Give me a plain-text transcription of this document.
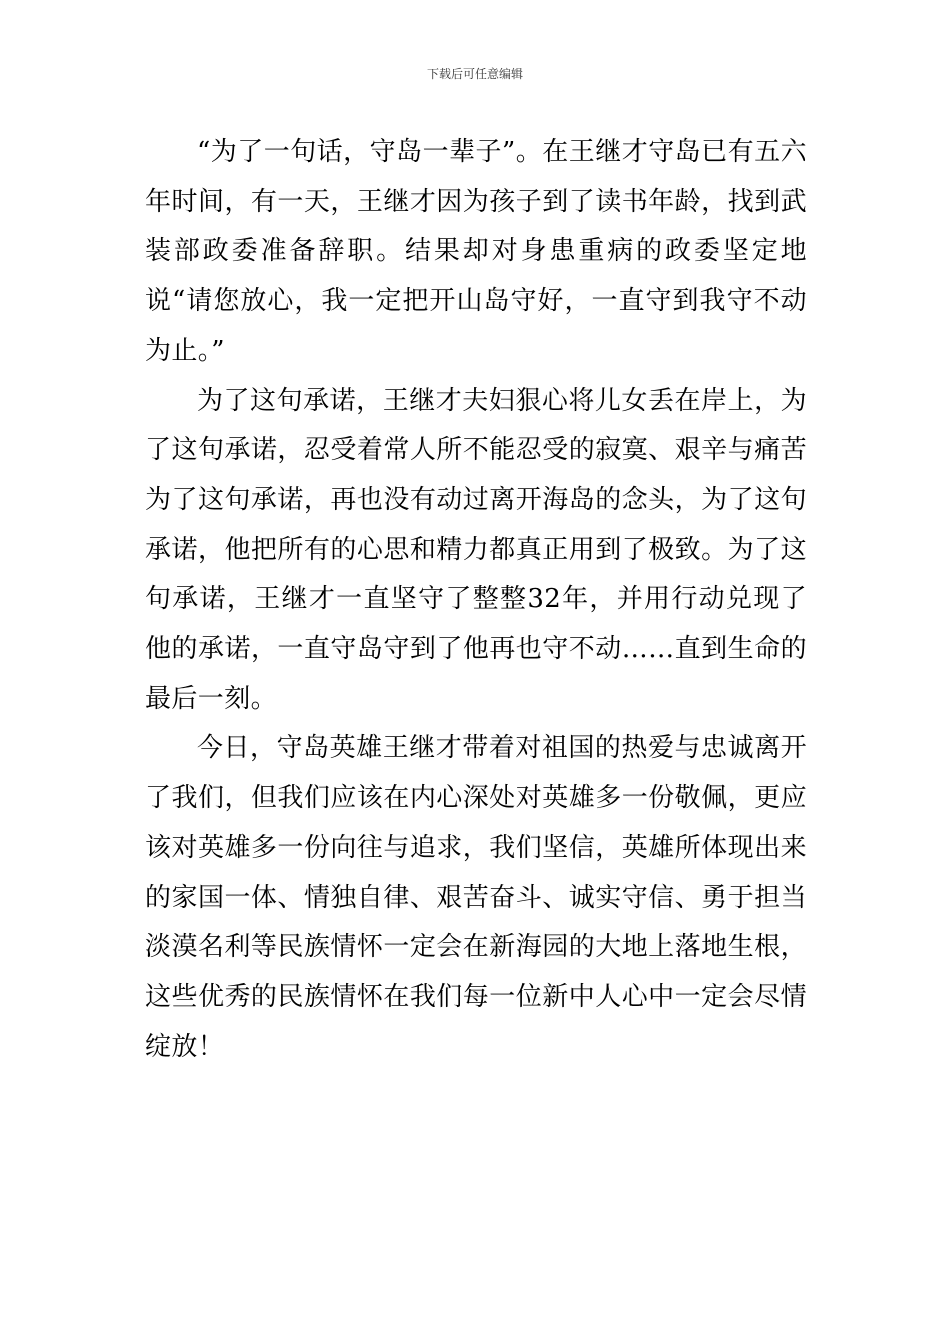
下载后可任意编辑

“为了一句话，守岛一辈子”。在王继才守岛已有五六年时间，有一天，王继才因为孩子到了读书年龄，找到武装部政委准备辞职。结果却对身患重病的政委坚定地说“请您放心，我一定把开山岛守好，一直守到我守不动为止。”

为了这句承诺，王继才夫妇狠心将儿女丢在岸上，为了这句承诺，忍受着常人所不能忍受的寂寞、艰辛与痛苦为了这句承诺，再也没有动过离开海岛的念头，为了这句承诺，他把所有的心思和精力都真正用到了极致。为了这句承诺，王继才一直坚守了整整32年，并用行动兑现了他的承诺，一直守岛守到了他再也守不动……直到生命的最后一刻。

今日，守岛英雄王继才带着对祖国的热爱与忠诚离开了我们，但我们应该在内心深处对英雄多一份敬佩，更应该对英雄多一份向往与追求，我们坚信，英雄所体现出来的家国一体、情独自律、艰苦奋斗、诚实守信、勇于担当淡漠名利等民族情怀一定会在新海园的大地上落地生根，这些优秀的民族情怀在我们每一位新中人心中一定会尽情绽放！
